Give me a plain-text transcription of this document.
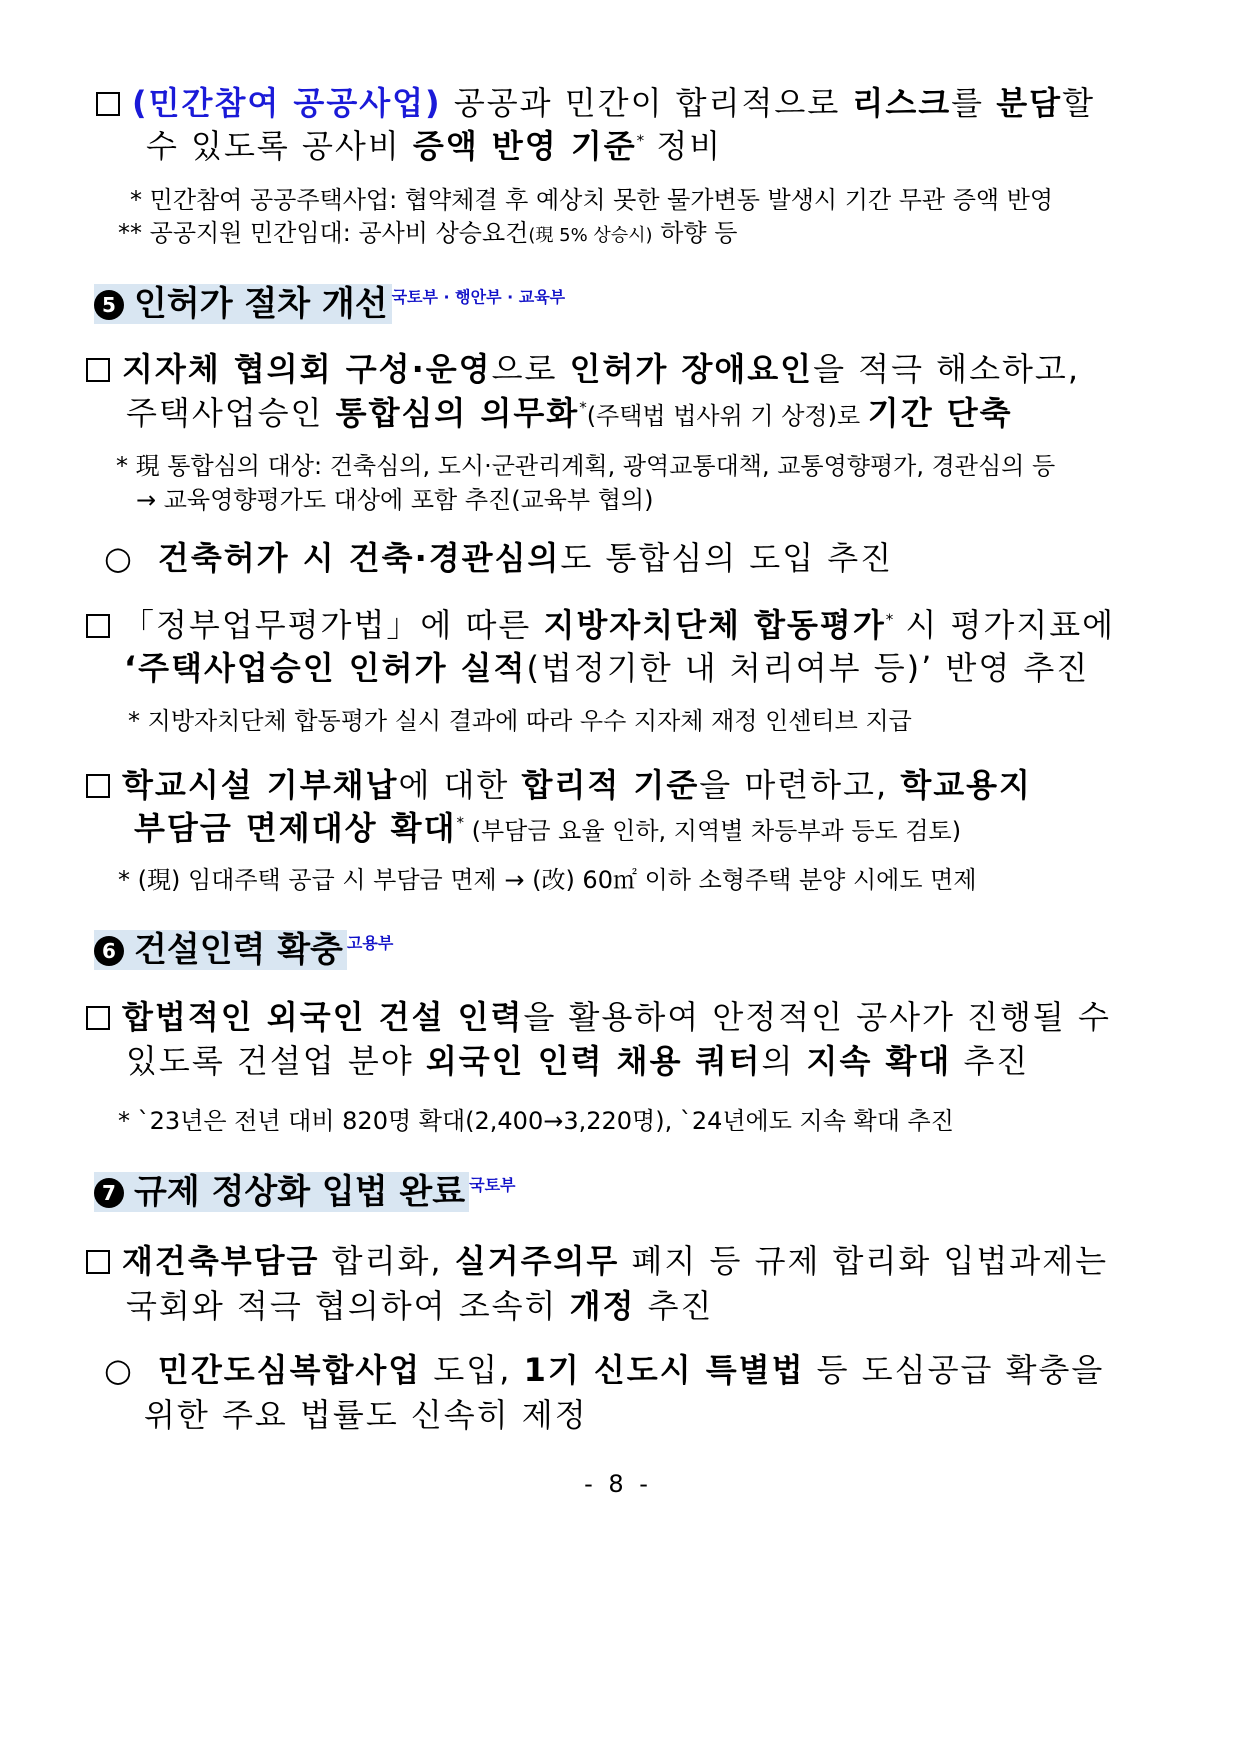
(민간참여 공공사업) 공공과 민간이 합리적으로 리스크를 분담할
수 있도록 공사비 증액 반영 기준* 정비
* 민간참여 공공주택사업: 협약체결 후 예상치 못한 물가변동 발생시 기간 무관 증액 반영
** 공공지원 민간임대: 공사비 상승요건(現 5% 상승시) 하향 등
5 인허가 절차 개선 $^{국토부 \cdot 행안부 \cdot 교육부}$
지자체 협의회 구성·운영으로 인허가 장애요인을 적극 해소하고,
주택사업승인 통합심의 의무화*(주택법 법사위 기 상정)로 기간 단축
* 現 통합심의 대상: 건축심의, 도시·군관리계획, 광역교통대책, 교통영향평가, 경관심의 등
→ 교육영향평가도 대상에 포함 추진(교육부 협의)
○ 건축허가 시 건축·경관심의도 통합심의 도입 추진
「정부업무평가법」에 따른 지방자치단체 합동평가* 시 평가지표에
‘주택사업승인 인허가 실적(법정기한 내 처리여부 등)’ 반영 추진
* 지방자치단체 합동평가 실시 결과에 따라 우수 지자체 재정 인센티브 지급
학교시설 기부채납에 대한 합리적 기준을 마련하고, 학교용지
부담금 면제대상 확대* (부담금 요율 인하, 지역별 차등부과 등도 검토)
* (現) 임대주택 공급 시 부담금 면제 → (改) 60㎡ 이하 소형주택 분양 시에도 면제
6 건설인력 확충 $^{고용부}$
합법적인 외국인 건설 인력을 활용하여 안정적인 공사가 진행될 수
있도록 건설업 분야 외국인 인력 채용 쿼터의 지속 확대 추진
* `23년은 전년 대비 820명 확대(2,400→3,220명), `24년에도 지속 확대 추진
7 규제 정상화 입법 완료 $^{국토부}$
재건축부담금 합리화, 실거주의무 폐지 등 규제 합리화 입법과제는
국회와 적극 협의하여 조속히 개정 추진
○ 민간도심복합사업 도입, 1기 신도시 특별법 등 도심공급 확충을
위한 주요 법률도 신속히 제정
- 8 -
